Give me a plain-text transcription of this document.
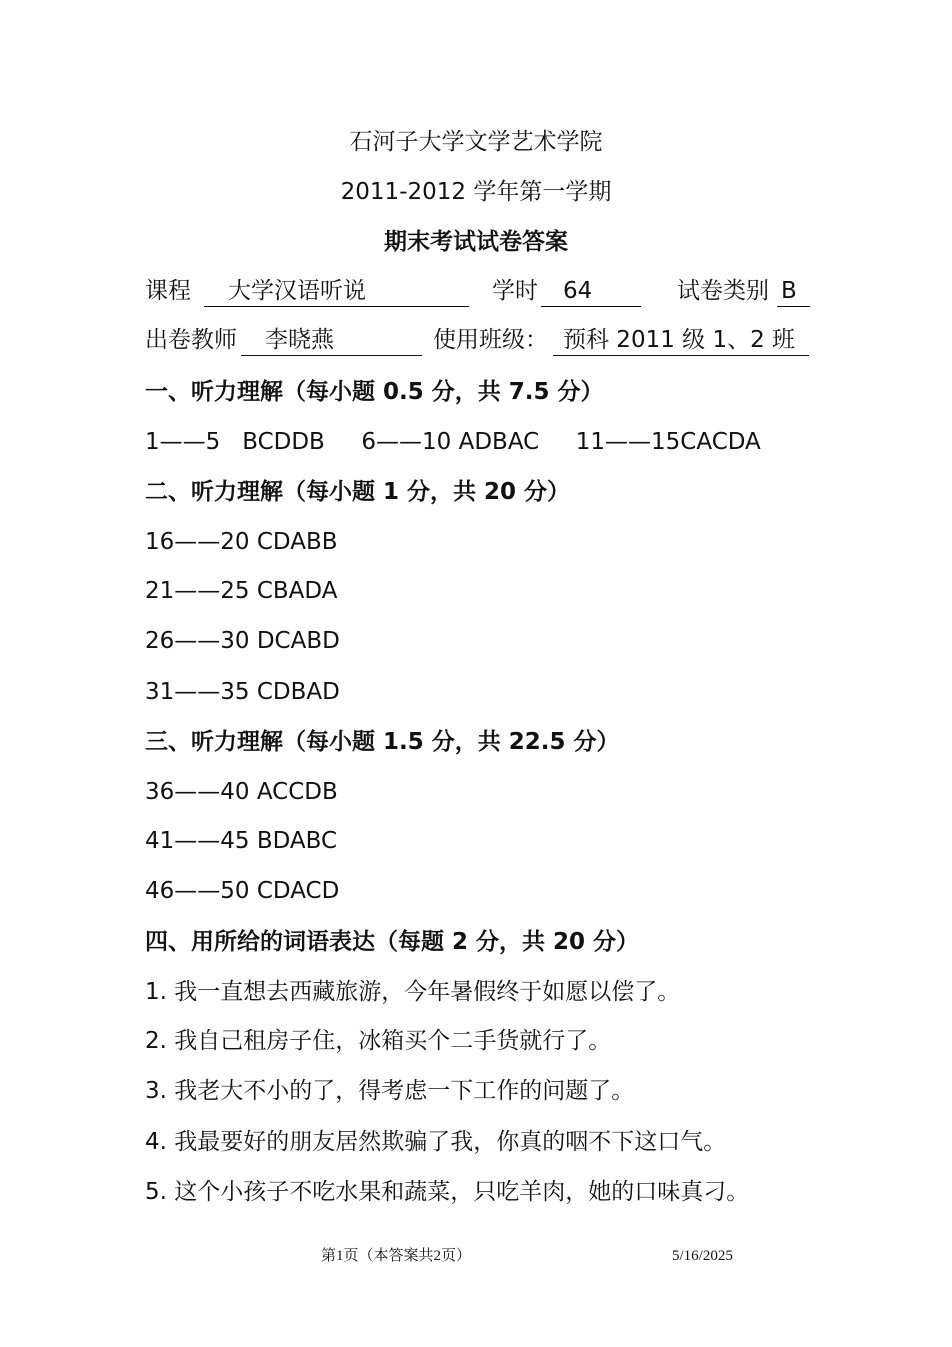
石河子大学文学艺术学院
2011-2012 学年第一学期
期末考试试卷答案
课程 大学汉语听说	学时 64	试卷类别 B
出卷教师 李晓燕	使用班级： 预科 2011 级 1、2 班
一、听力理解（每小题 0.5 分，共 7.5 分）
1——5   BCDDB     6——10 ADBAC     11——15CACDA
二、听力理解（每小题 1 分，共 20 分）
16——20 CDABB
21——25 CBADA
26——30 DCABD
31——35 CDBAD
三、听力理解（每小题 1.5 分，共 22.5 分）
36——40 ACCDB
41——45 BDABC
46——50 CDACD
四、用所给的词语表达（每题 2 分，共 20 分）
1. 我一直想去西藏旅游，今年暑假终于如愿以偿了。
2. 我自己租房子住，冰箱买个二手货就行了。
3. 我老大不小的了，得考虑一下工作的问题了。
4. 我最要好的朋友居然欺骗了我，你真的咽不下这口气。
5. 这个小孩子不吃水果和蔬菜，只吃羊肉，她的口味真刁。
第1页（本答案共2页）	5/16/2025
